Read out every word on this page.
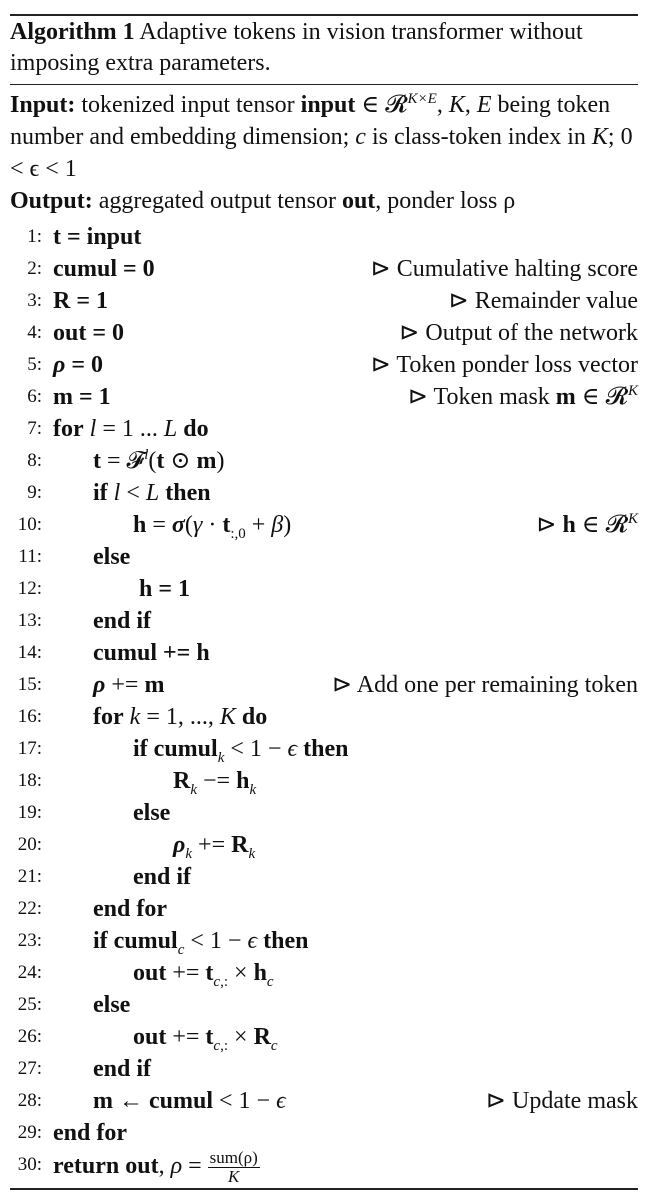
Algorithm 1 Adaptive tokens in vision transformer without imposing extra parameters.
Input: tokenized input tensor input ∈ 𝓡$^{K\times E}$, K, E being token number and embedding dimension; c is class-token index in K; 0 < ϵ < 1
Output: aggregated output tensor out, ponder loss ρ
1: t = input
2: cumul = 0	⊳ Cumulative halting score
3: R = 1	⊳ Remainder value
4: out = 0	⊳ Output of the network
5: ρ = 0	⊳ Token ponder loss vector
6: m = 1	⊳ Token mask m ∈ 𝓡$^K$
7: for l = 1 ... L do
8: t = 𝓕$^l$(t ⊙ m)
9: if l < L then
10:	$h = \sigma(\gamma \cdot t_{:,0} + \beta)$	⊳ h ∈ 𝓡$^K$
11: else
12:	h = 1
13: end if
14: cumul += h
15: ρ += m	⊳ Add one per remaining token
16: for k = 1, ..., K do
17:	if cumul$_k$ < 1 − ϵ then
18:	$R_k -= h_k$
19:	else
20:	$\rho_k += R_k$
21:	end if
22: end for
23: if cumul$_c$ < 1 − ϵ then
24:	out += $t_{c,:} \times h_c$
25: else
26:	out += $t_{c,:} \times R_c$
27: end if
28: m ← cumul < 1 − ϵ	⊳ Update mask
29: end for
30: return out, $\rho = \frac{\text{sum(ρ)}}{K}$
